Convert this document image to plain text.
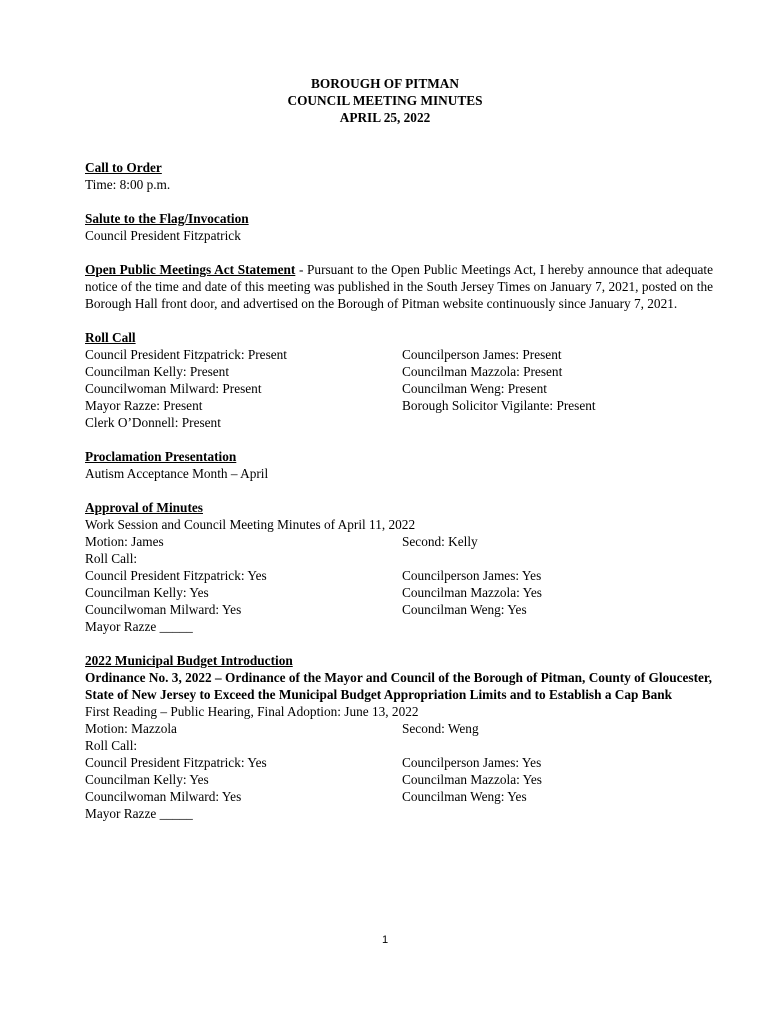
BOROUGH OF PITMAN
COUNCIL MEETING MINUTES
APRIL 25, 2022
Call to Order
Time: 8:00 p.m.
Salute to the Flag/Invocation
Council President Fitzpatrick
Open Public Meetings Act Statement - Pursuant to the Open Public Meetings Act, I hereby announce that adequate notice of the time and date of this meeting was published in the South Jersey Times on January 7, 2021, posted on the Borough Hall front door, and advertised on the Borough of Pitman website continuously since January 7, 2021.
Roll Call
Council President Fitzpatrick: Present	Councilperson James: Present
Councilman Kelly: Present	Councilman Mazzola: Present
Councilwoman Milward: Present	Councilman Weng: Present
Mayor Razze: Present	Borough Solicitor Vigilante: Present
Clerk O’Donnell: Present
Proclamation Presentation
Autism Acceptance Month – April
Approval of Minutes
Work Session and Council Meeting Minutes of April 11, 2022
Motion: James	Second: Kelly
Roll Call:
Council President Fitzpatrick: Yes	Councilperson James: Yes
Councilman Kelly: Yes	Councilman Mazzola: Yes
Councilwoman Milward: Yes	Councilman Weng: Yes
Mayor Razze _____
2022 Municipal Budget Introduction
Ordinance No. 3, 2022 – Ordinance of the Mayor and Council of the Borough of Pitman, County of Gloucester, State of New Jersey to Exceed the Municipal Budget Appropriation Limits and to Establish a Cap Bank
First Reading – Public Hearing, Final Adoption: June 13, 2022
Motion: Mazzola	Second: Weng
Roll Call:
Council President Fitzpatrick: Yes	Councilperson James: Yes
Councilman Kelly: Yes	Councilman Mazzola: Yes
Councilwoman Milward: Yes	Councilman Weng: Yes
Mayor Razze _____
1
